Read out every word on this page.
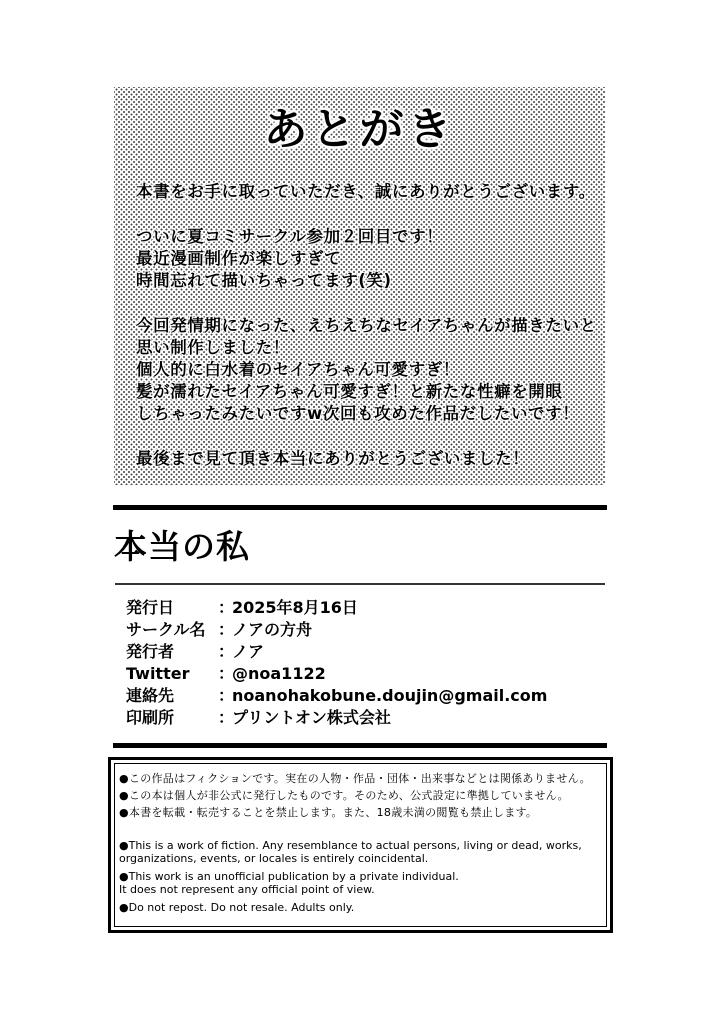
あとがき
本書をお手に取っていただき、誠にありがとうございます。
ついに夏コミサークル参加２回目です！
最近漫画制作が楽しすぎて
時間忘れて描いちゃってます(笑)
今回発情期になった、えちえちなセイアちゃんが描きたいと
思い制作しました！
個人的に白水着のセイアちゃん可愛すぎ！
髪が濡れたセイアちゃん可愛すぎ！と新たな性癖を開眼
しちゃったみたいですw次回も攻めた作品だしたいです！
最後まで見て頂き本当にありがとうございました！
本当の私
発行日	：
2025年8月16日
サークル名 ：
ノアの方舟
発行者	：
ノア
Twitter	：
@noa1122
連絡先	：
noanohakobune.doujin@gmail.com
印刷所	：
プリントオン株式会社
●この作品はフィクションです。実在の人物・作品・団体・出来事などとは関係ありません。
●この本は個人が非公式に発行したものです。そのため、公式設定に準拠していません。
●本書を転載・転売することを禁止します。また、18歳未満の閲覧も禁止します。
●This is a work of fiction. Any resemblance to actual persons, living or dead, works,
organizations, events, or locales is entirely coincidental.
●This work is an unofficial publication by a private individual.
It does not represent any official point of view.
●Do not repost. Do not resale. Adults only.
